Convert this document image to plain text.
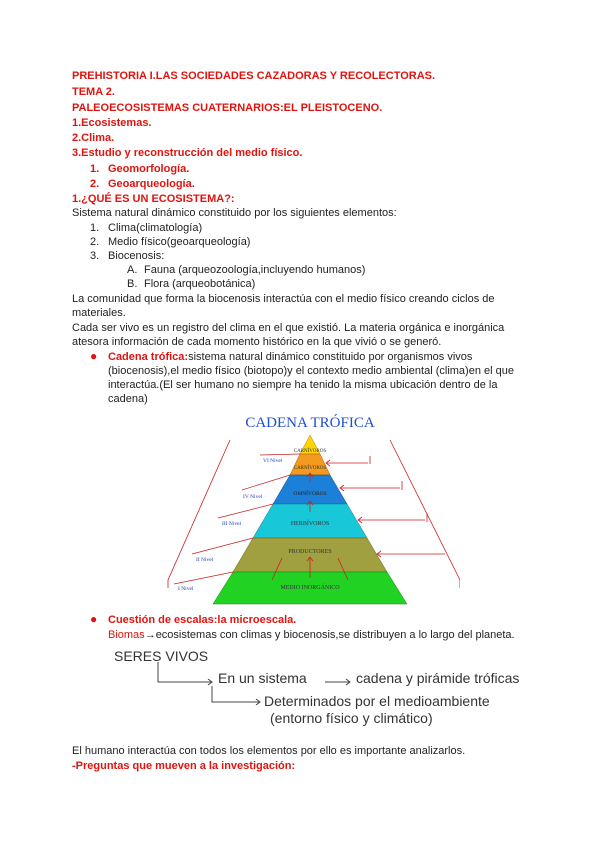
PREHISTORIA I.LAS SOCIEDADES CAZADORAS Y RECOLECTORAS.
TEMA 2.
PALEOECOSISTEMAS CUATERNARIOS:EL PLEISTOCENO.
1.Ecosistemas.
2.Clima.
3.Estudio y reconstrucción del medio físico.
1. Geomorfología.
2. Geoarqueología.
1.¿QUÉ ES UN ECOSISTEMA?:
Sistema natural dinámico constituido por los siguientes elementos:
1. Clima(climatología)
2. Medio físico(geoarqueología)
3. Biocenosis:
A. Fauna (arqueozoología,incluyendo humanos)
B. Flora (arqueobotánica)
La comunidad que forma la biocenosis interactúa con el medio físico creando ciclos de
materiales.
Cada ser vivo es un registro del clima en el que existió. La materia orgánica e inorgánica
atesora información de cada momento histórico en la que vivió o se generó.
● Cadena trófica:sistema natural dinámico constituido por organismos vivos
(biocenosis),el medio físico (biotopo)y el contexto medio ambiental (clima)en el que
interactúa.(El ser humano no siempre ha tenido la misma ubicación dentro de la
cadena)
CADENA TRÓFICA
CARNÍVOROS
CARNÍVOROS
OMNÍVOROS
HERBÍVOROS
PRODUCTORES
MEDIO INORGÁNICO
VI Nivel
IV Nivel
III Nivel
II Nivel
I Nivel
● Cuestión de escalas:la microescala.
Biomas→ecosistemas con climas y biocenosis,se distribuyen a lo largo del planeta.
SERES VIVOS
En un sistema	cadena y pirámide tróficas
Determinados por el medioambiente
(entorno físico y climático)
El humano interactúa con todos los elementos por ello es importante analizarlos.
-Preguntas que mueven a la investigación:
